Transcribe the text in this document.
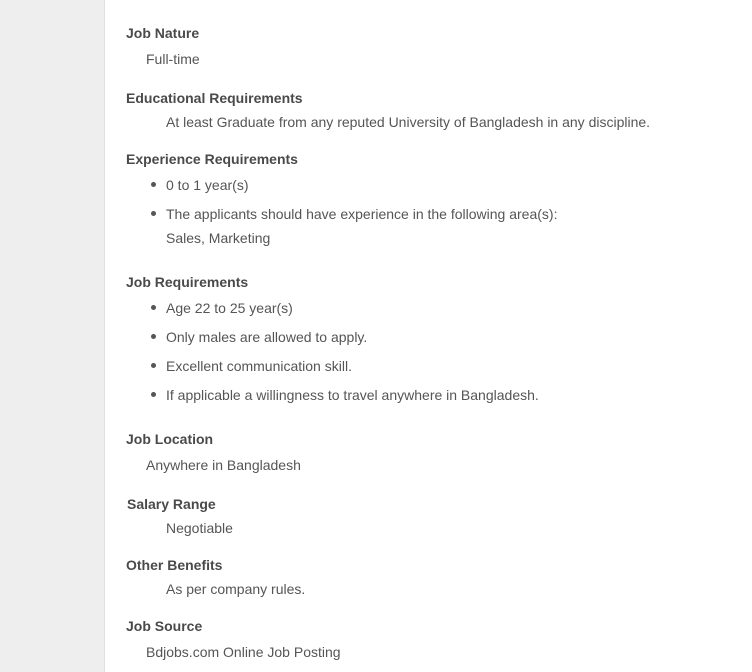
Job Nature
Full-time
Educational Requirements
At least Graduate from any reputed University of Bangladesh in any discipline.
Experience Requirements
0 to 1 year(s)
The applicants should have experience in the following area(s):
Sales, Marketing
Job Requirements
Age 22 to 25 year(s)
Only males are allowed to apply.
Excellent communication skill.
If applicable a willingness to travel anywhere in Bangladesh.
Job Location
Anywhere in Bangladesh
Salary Range
Negotiable
Other Benefits
As per company rules.
Job Source
Bdjobs.com Online Job Posting
